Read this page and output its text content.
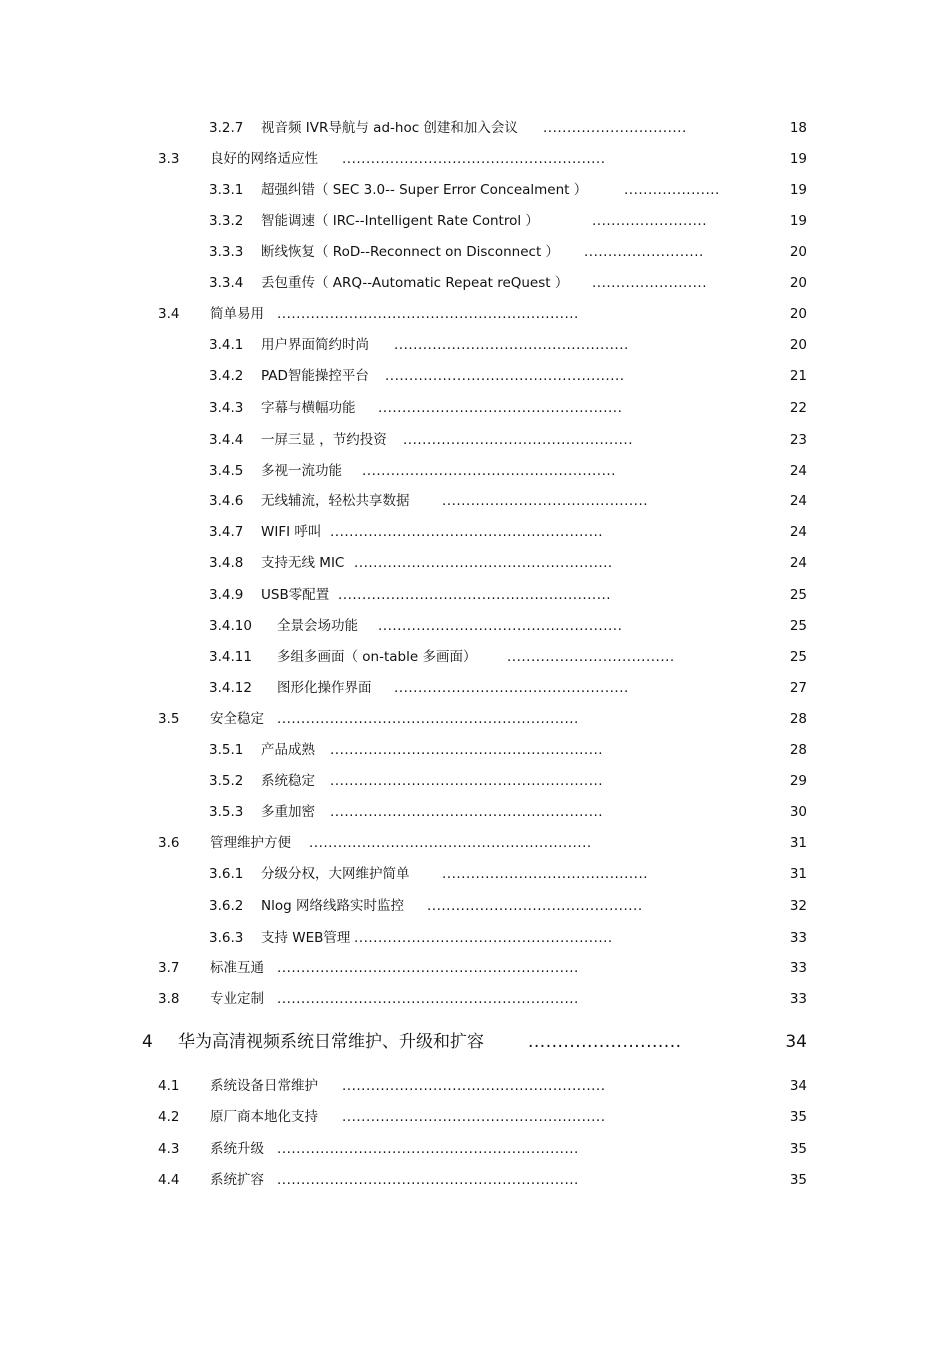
3.2.7 视音频 IVR导航与 ad-hoc 创建和加入会议 ..............................	18
3.3 良好的网络适应性 .......................................................	19
3.3.1 超强纠错（ SEC 3.0-- Super Error Concealment ）	....................	19
3.3.2 智能调速（ IRC--Intelligent Rate Control ）	........................	19
3.3.3 断线恢复（ RoD--Reconnect on Disconnect ） .........................	20
3.3.4 丢包重传（ ARQ--Automatic Repeat reQuest ） ........................	20
3.4 简单易用 ...............................................................	20
3.4.1 用户界面简约时尚 .................................................	20
3.4.2 PAD智能操控平台 ..................................................	21
3.4.3 字幕与横幅功能 ...................................................	22
3.4.4 一屏三显 ，节约投资 ................................................	23
3.4.5 多视一流功能 .....................................................	24
3.4.6 无线辅流，轻松共享数据 ...........................................	24
3.4.7 WIFI 呼叫 .........................................................	24
3.4.8 支持无线 MIC ......................................................	24
3.4.9 USB零配置 .........................................................	25
3.4.10 全景会场功能 ...................................................	25
3.4.11 多组多画面（ on-table 多画面） ...................................	25
3.4.12 图形化操作界面 .................................................	27
3.5 安全稳定 ...............................................................	28
3.5.1 产品成熟 .........................................................	28
3.5.2 系统稳定 .........................................................	29
3.5.3 多重加密 .........................................................	30
3.6 管理维护方便 ...........................................................	31
3.6.1 分级分权，大网维护简单 ...........................................	31
3.6.2 Nlog 网络线路实时监控 .............................................	32
3.6.3 支持 WEB管理 ......................................................	33
3.7 标准互通 ...............................................................	33
3.8 专业定制 ...............................................................	33
4 华为高清视频系统日常维护、升级和扩容	..........................	34
4.1 系统设备日常维护 .......................................................	34
4.2 原厂商本地化支持 .......................................................	35
4.3 系统升级 ...............................................................	35
4.4 系统扩容 ...............................................................	35
